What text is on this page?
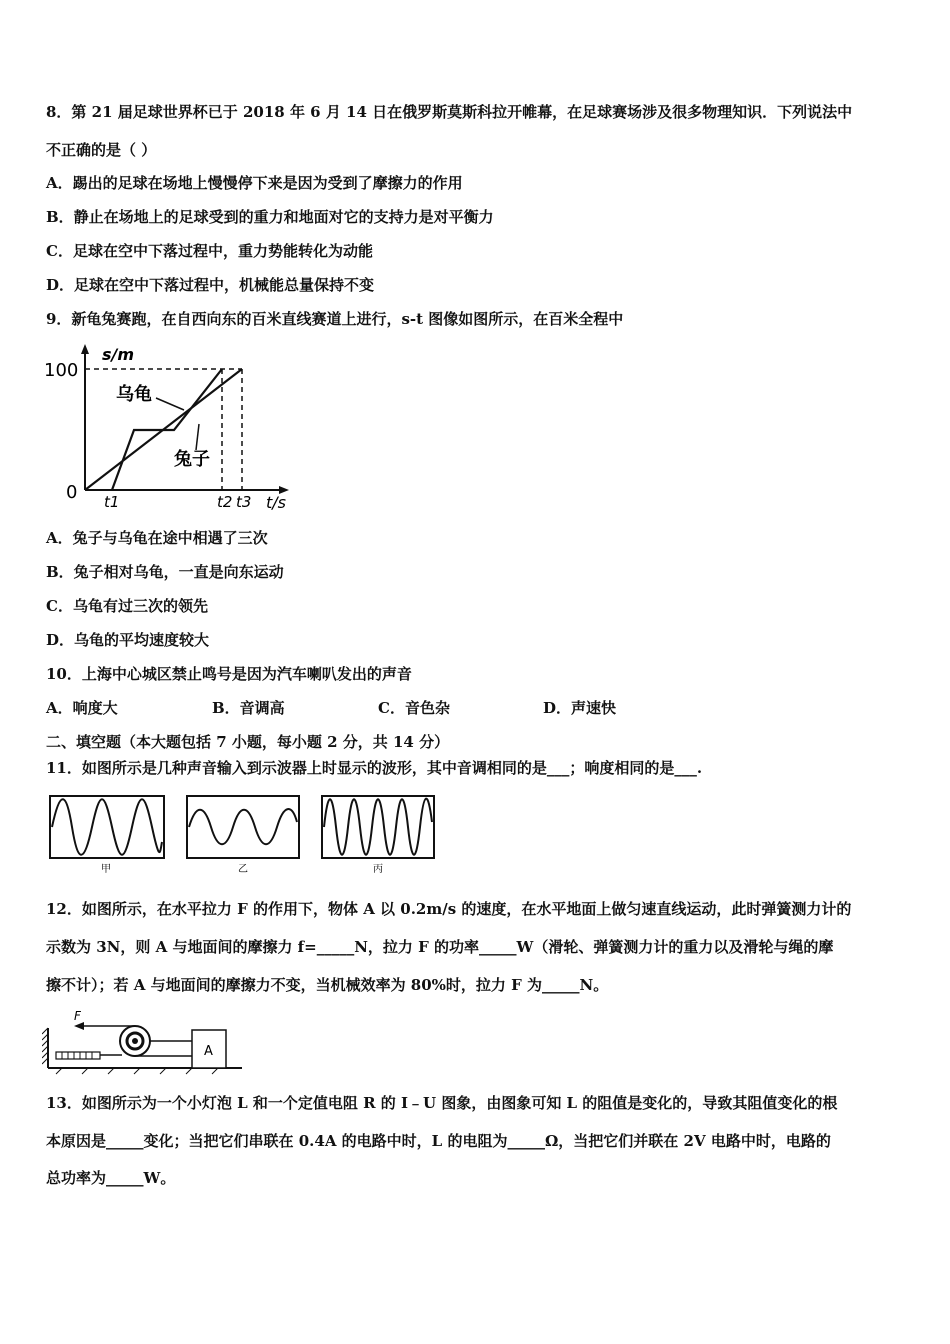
8．第 21 届足球世界杯已于 2018 年 6 月 14 日在俄罗斯莫斯科拉开帷幕，在足球赛场涉及很多物理知识．下列说法中
不正确的是（ ）
A．踢出的足球在场地上慢慢停下来是因为受到了摩擦力的作用
B．静止在场地上的足球受到的重力和地面对它的支持力是对平衡力
C．足球在空中下落过程中，重力势能转化为动能
D．足球在空中下落过程中，机械能总量保持不变
9．新龟兔赛跑，在自西向东的百米直线赛道上进行，s-t 图像如图所示，在百米全程中
s/m
100
0
乌龟
兔子
t1	t2 t3 t/s
A．兔子与乌龟在途中相遇了三次
B．兔子相对乌龟，一直是向东运动
C．乌龟有过三次的领先
D．乌龟的平均速度较大
10．上海中心城区禁止鸣号是因为汽车喇叭发出的声音
A．响度大	B．音调高	C．音色杂	D．声速快
二、填空题（本大题包括 7 小题，每小题 2 分，共 14 分）
11．如图所示是几种声音输入到示波器上时显示的波形，其中音调相同的是___；响度相同的是___.
甲	乙	丙
12．如图所示，在水平拉力 F 的作用下，物体 A 以 0.2m/s 的速度，在水平地面上做匀速直线运动，此时弹簧测力计的
示数为 3N，则 A 与地面间的摩擦力 f=_____N，拉力 F 的功率_____W（滑轮、弹簧测力计的重力以及滑轮与绳的摩
擦不计）；若 A 与地面间的摩擦力不变，当机械效率为 80%时，拉力 F 为_____N。
A
F
13．如图所示为一个小灯泡 L 和一个定值电阻 R 的 I﹣U 图象，由图象可知 L 的阻值是变化的，导致其阻值变化的根
本原因是_____变化；当把它们串联在 0.4A 的电路中时，L 的电阻为_____Ω，当把它们并联在 2V 电路中时，电路的
总功率为_____W。
